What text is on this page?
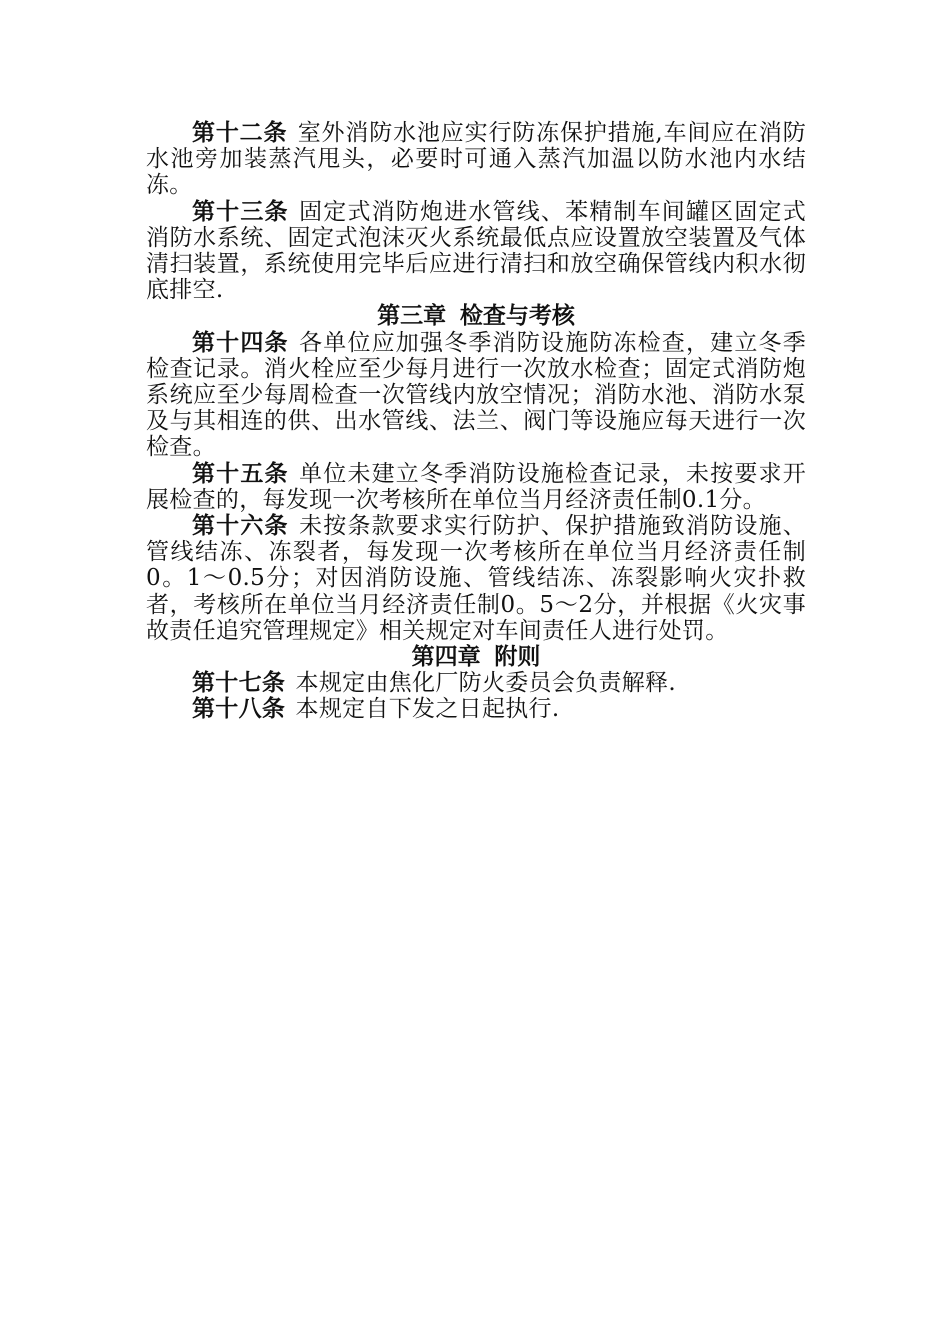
第十二条 室外消防水池应实行防冻保护措施,车间应在消防水池旁加装蒸汽甩头，必要时可通入蒸汽加温以防水池内水结冻。

第十三条 固定式消防炮进水管线、苯精制车间罐区固定式消防水系统、固定式泡沫灭火系统最低点应设置放空装置及气体清扫装置，系统使用完毕后应进行清扫和放空确保管线内积水彻底排空.

第三章 检查与考核

第十四条 各单位应加强冬季消防设施防冻检查，建立冬季检查记录。消火栓应至少每月进行一次放水检查；固定式消防炮系统应至少每周检查一次管线内放空情况；消防水池、消防水泵及与其相连的供、出水管线、法兰、阀门等设施应每天进行一次检查。

第十五条 单位未建立冬季消防设施检查记录，未按要求开展检查的，每发现一次考核所在单位当月经济责任制0.1分。

第十六条 未按条款要求实行防护、保护措施致消防设施、管线结冻、冻裂者，每发现一次考核所在单位当月经济责任制0。1～0.5分；对因消防设施、管线结冻、冻裂影响火灾扑救者，考核所在单位当月经济责任制0。5～2分，并根据《火灾事故责任追究管理规定》相关规定对车间责任人进行处罚。

第四章 附则

第十七条 本规定由焦化厂防火委员会负责解释.

第十八条 本规定自下发之日起执行.
